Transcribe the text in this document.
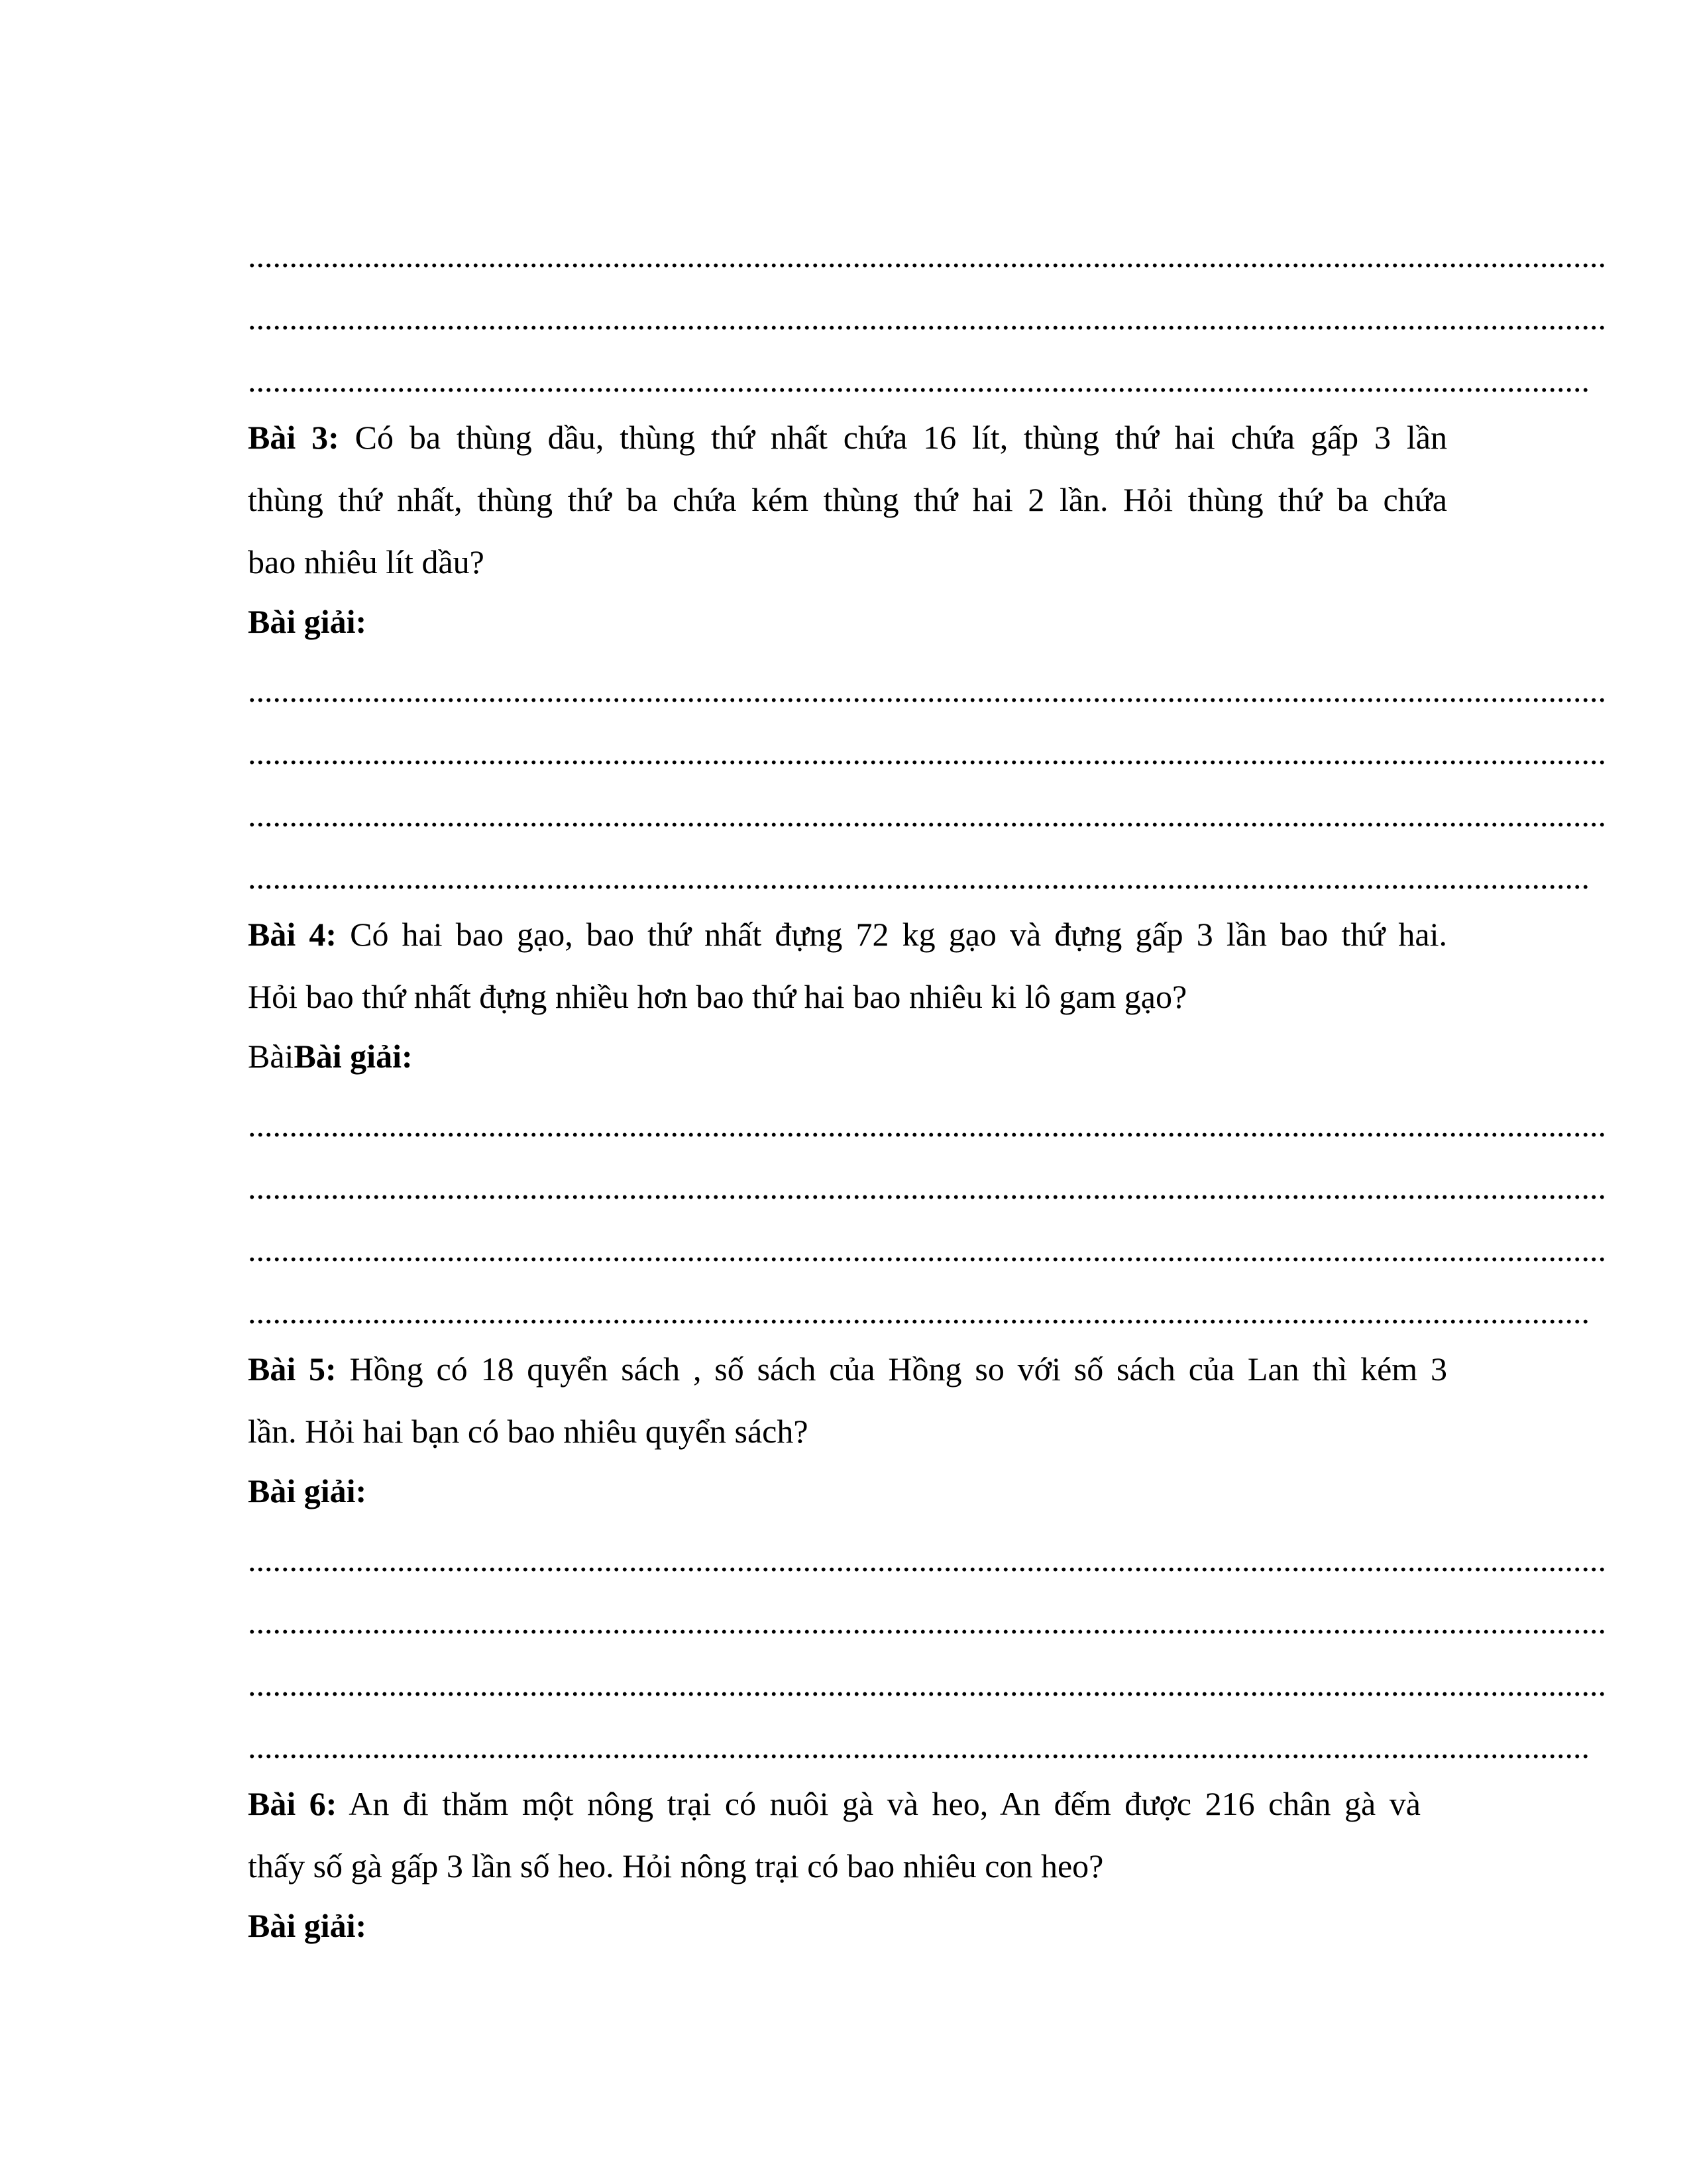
....................................................................................................................................................................
....................................................................................................................................................................
..................................................................................................................................................................
Bài 3: Có ba thùng dầu, thùng thứ nhất chứa 16 lít, thùng thứ hai chứa gấp 3 lần
thùng thứ nhất, thùng thứ ba chứa kém thùng thứ hai 2 lần. Hỏi thùng thứ ba chứa
bao nhiêu lít dầu?
Bài giải:
....................................................................................................................................................................
....................................................................................................................................................................
....................................................................................................................................................................
..................................................................................................................................................................
Bài 4: Có hai bao gạo, bao thứ nhất đựng 72 kg gạo và đựng gấp 3 lần bao thứ hai.
Hỏi bao thứ nhất đựng nhiều hơn bao thứ hai bao nhiêu ki lô gam gạo?
BàiBài giải:
....................................................................................................................................................................
....................................................................................................................................................................
....................................................................................................................................................................
..................................................................................................................................................................
Bài 5: Hồng có 18 quyển sách , số sách của Hồng so với số sách của Lan thì kém 3
lần. Hỏi hai bạn có bao nhiêu quyển sách?
Bài giải:
....................................................................................................................................................................
....................................................................................................................................................................
....................................................................................................................................................................
..................................................................................................................................................................
Bài 6: An đi thăm một nông trại có nuôi gà và heo, An đếm được 216 chân gà và
thấy số gà gấp 3 lần số heo. Hỏi nông trại có bao nhiêu con heo?
Bài giải:
